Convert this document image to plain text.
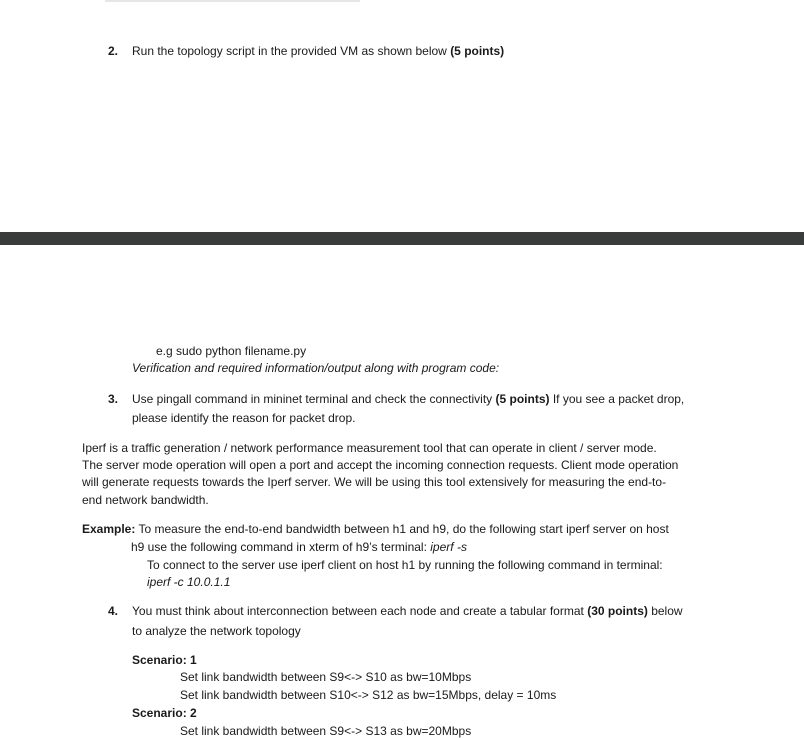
2. Run the topology script in the provided VM as shown below (5 points)
e.g sudo python filename.py
Verification and required information/output along with program code:
3. Use pingall command in mininet terminal and check the connectivity (5 points) If you see a packet drop,
please identify the reason for packet drop.
Iperf is a traffic generation / network performance measurement tool that can operate in client / server mode.
The server mode operation will open a port and accept the incoming connection requests. Client mode operation
will generate requests towards the Iperf server. We will be using this tool extensively for measuring the end-to-
end network bandwidth.
Example: To measure the end-to-end bandwidth between h1 and h9, do the following start iperf server on host
h9 use the following command in xterm of h9’s terminal: iperf -s
To connect to the server use iperf client on host h1 by running the following command in terminal:
iperf -c 10.0.1.1
4. You must think about interconnection between each node and create a tabular format (30 points) below
to analyze the network topology
Scenario: 1
Set link bandwidth between S9<-> S10 as bw=10Mbps
Set link bandwidth between S10<-> S12 as bw=15Mbps, delay = 10ms
Scenario: 2
Set link bandwidth between S9<-> S13 as bw=20Mbps
